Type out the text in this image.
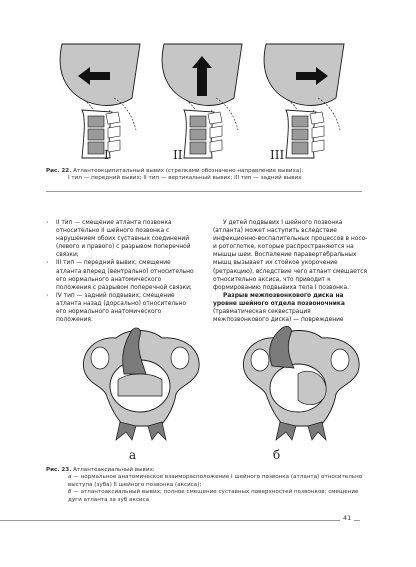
I	II	III
Рис. 22. Атлантоокципитальный вывих (стрелками обозначено направление вывиха):
I тип — передний вывих; II тип — вертикальный вывих; III тип — задний вывих

› II тип — смещение атланта позвонка относительно II шейного позвонка с нарушением обоих суставных соединений (левого и правого) с разрывом поперечной связки;

› III тип — передний вывих; смещение атланта вперед (вентрально) относительно его нормального анатомического положения с разрывом поперечной связки;

› IV тип — задний подвывих; смещение атланта назад (дорсально) относительно его нормального анатомического положения.

У детей подвывих I шейного позвонка (атланта) может наступить вследствие инфекционно-воспалительных процессов в носо- и ротоглотке, которые распространяются на мышцы шеи. Воспаление паравертебральных мышц вызывает их стойкое укорочение (ретракцию), вследствие чего атлант смещается относительно аксиса, что приводит к формированию подвывиха тела I позвонка.

Разрыв межпозвонкового диска на уровне шейного отдела позвоночника (травматическая секвестрация межпозвонкового диска) — повреждение

а	б
Рис. 23. Атлантоаксиальный вывих:
а — нормальное анатомическое взаиморасположение I шейного позвонка (атланта) относительно выступа (зуба) II шейного позвонка (аксиса);
б — атлантоаксиальный вывих; полное смещение суставных поверхностей позвонков; смещение дуги атланта за зуб аксиса
41
